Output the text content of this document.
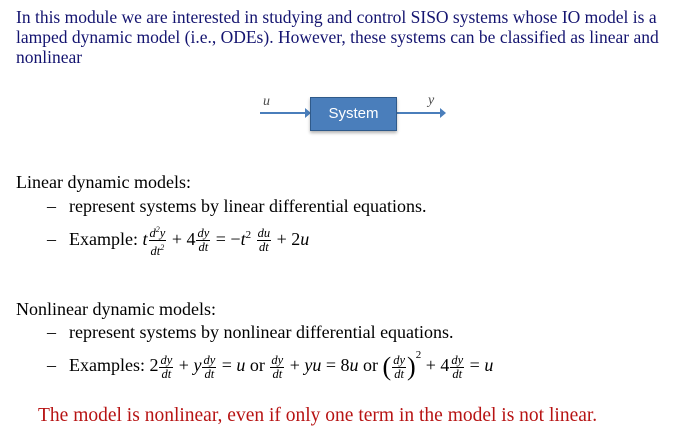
In this module we are interested in studying and control SISO systems whose IO model is a lamped dynamic model (i.e., ODEs). However, these systems can be classified as linear and nonlinear
u
System
y
Linear dynamic models:
– represent systems by linear differential equations.
– Example: t $\frac{d^2y}{dt^2} + 4 \frac{dy}{dt} = -t^2 \frac{du}{dt} + 2u$
Nonlinear dynamic models:
– represent systems by nonlinear differential equations.
– Examples: $2 \frac{dy}{dt} + y \frac{dy}{dt} = u$ or $\frac{dy}{dt}$ + yu = 8u or ( $\frac{dy}{dt} )^2 + 4 \frac{dy}{dt} = u$
The model is nonlinear, even if only one term in the model is not linear.
